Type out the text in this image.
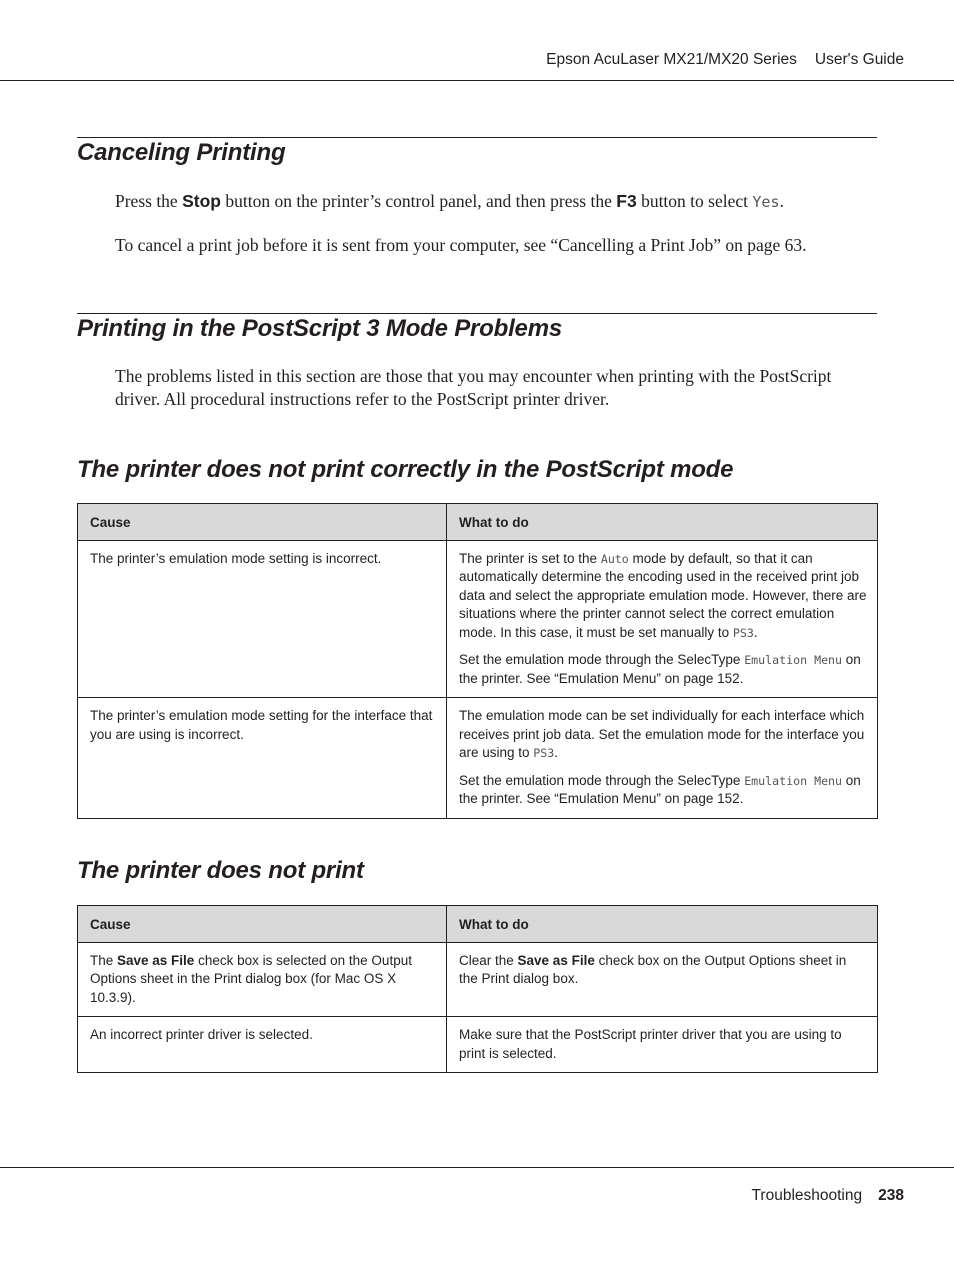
Epson AcuLaser MX21/MX20 Series User's Guide
Canceling Printing

Press the Stop button on the printer’s control panel, and then press the F3 button to select Yes.

To cancel a print job before it is sent from your computer, see “Cancelling a Print Job” on page 63.

Printing in the PostScript 3 Mode Problems

The problems listed in this section are those that you may encounter when printing with the PostScript driver. All procedural instructions refer to the PostScript printer driver.

The printer does not print correctly in the PostScript mode
Cause	What to do
The printer’s emulation mode setting is incorrect.	The printer is set to the Auto mode by default, so that it can automatically determine the encoding used in the received print job data and select the appropriate emulation mode. However, there are situations where the printer cannot select the correct emulation mode. In this case, it must be set manually to PS3.

Set the emulation mode through the SelecType Emulation Menu on the printer. See “Emulation Menu” on page 152.

The printer’s emulation mode setting for the interface that you are using is incorrect.	The emulation mode can be set individually for each interface which receives print job data. Set the emulation mode for the interface you are using to PS3.

Set the emulation mode through the SelecType Emulation Menu on the printer. See “Emulation Menu” on page 152.

The printer does not print
Cause	What to do
The Save as File check box is selected on the Output Options sheet in the Print dialog box (for Mac OS X 10.3.9).	Clear the Save as File check box on the Output Options sheet in the Print dialog box.
An incorrect printer driver is selected.	Make sure that the PostScript printer driver that you are using to print is selected.
Troubleshooting 238
